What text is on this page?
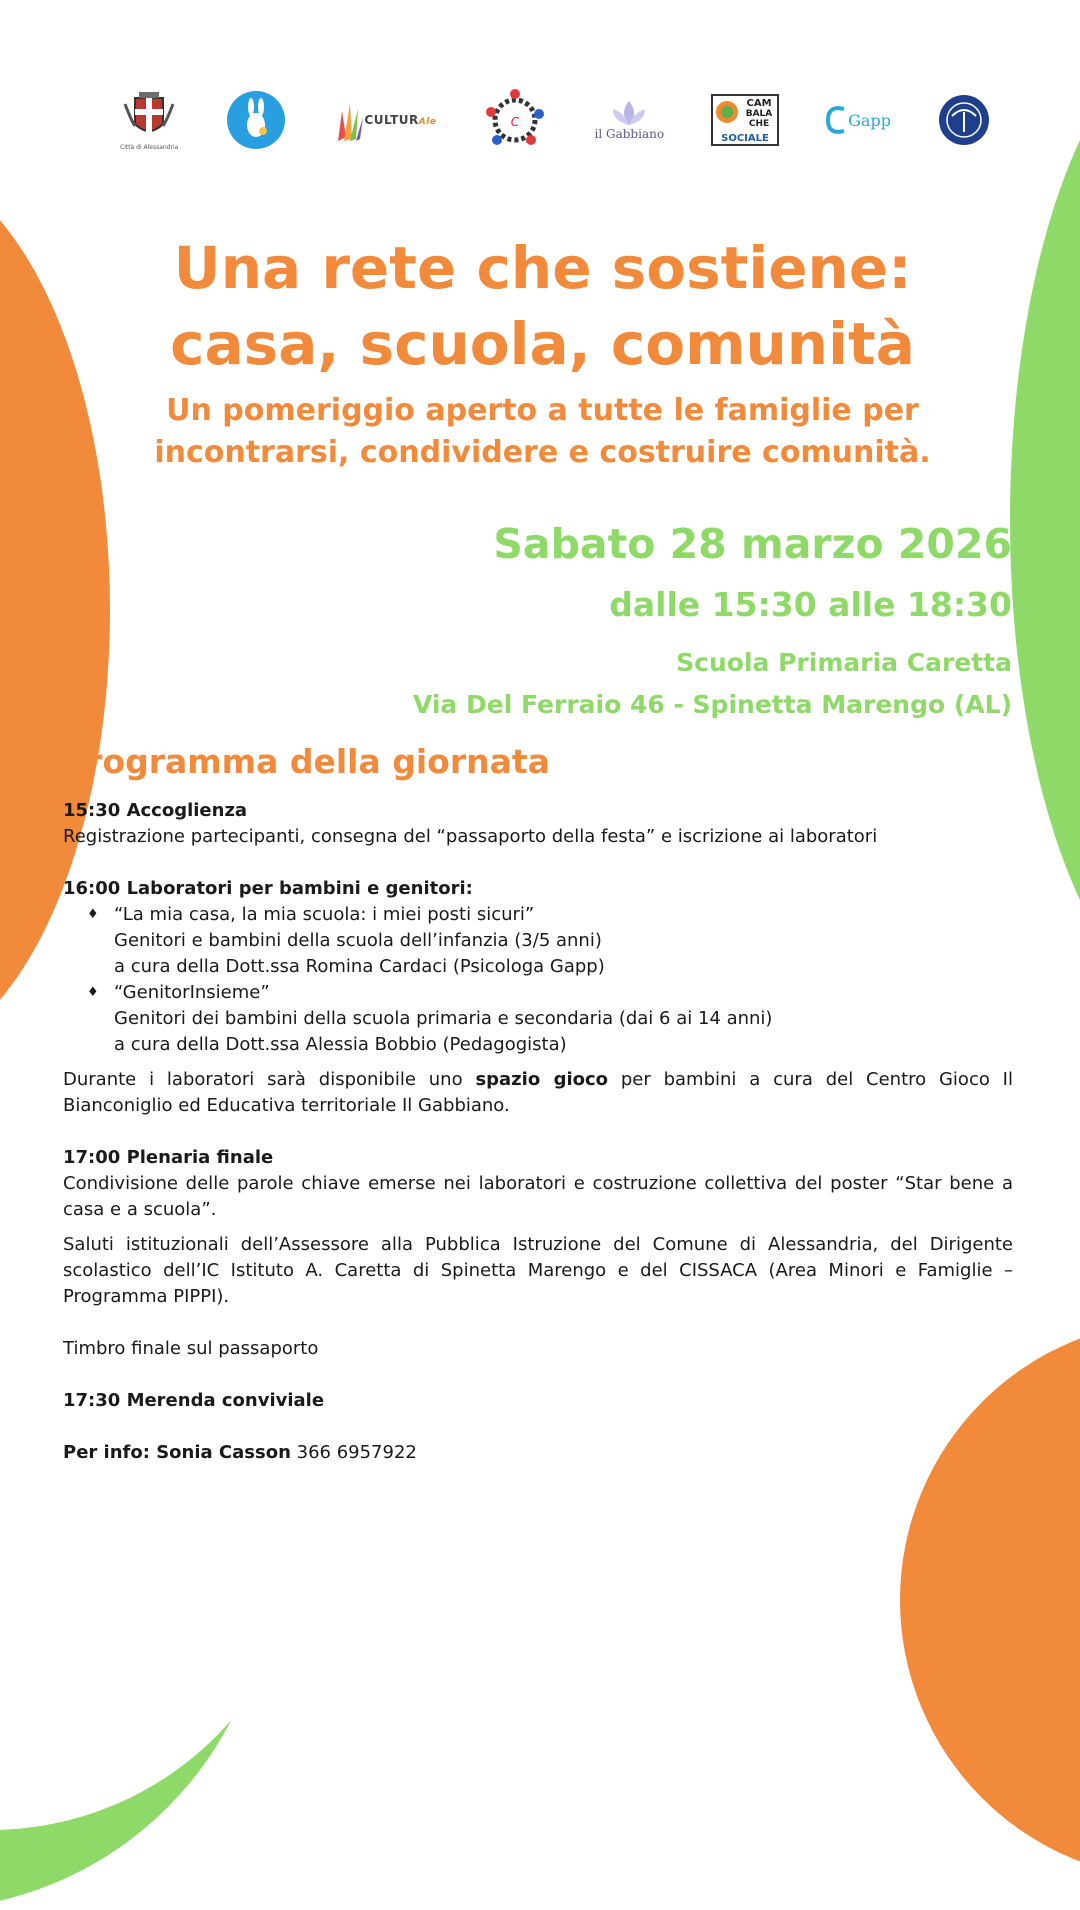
Città di Alessandria
CULTURAle	C
il Gabbiano
CAM
BALA
CHE
SOCIALE
Gapp
Una rete che sostiene:
casa, scuola, comunità
Un pomeriggio aperto a tutte le famiglie per
incontrarsi, condividere e costruire comunità.
Sabato 28 marzo 2026
dalle 15:30 alle 18:30
Scuola Primaria Caretta
Via Del Ferraio 46 - Spinetta Marengo (AL)
Programma della giornata

15:30 Accoglienza

Registrazione partecipanti, consegna del “passaporto della festa” e iscrizione ai laboratori

16:00 Laboratori per bambini e genitori:

♦ “La mia casa, la mia scuola: i miei posti sicuri”
Genitori e bambini della scuola dell’infanzia (3/5 anni)
a cura della Dott.ssa Romina Cardaci (Psicologa Gapp)
♦ “GenitorInsieme”
Genitori dei bambini della scuola primaria e secondaria (dai 6 ai 14 anni)
a cura della Dott.ssa Alessia Bobbio (Pedagogista)

Durante i laboratori sarà disponibile uno spazio gioco per bambini a cura del Centro Gioco Il Bianconiglio ed Educativa territoriale Il Gabbiano.

17:00 Plenaria finale

Condivisione delle parole chiave emerse nei laboratori e costruzione collettiva del poster “Star bene a casa e a scuola”.

Saluti istituzionali dell’Assessore alla Pubblica Istruzione del Comune di Alessandria, del Dirigente scolastico dell’IC Istituto A. Caretta di Spinetta Marengo e del CISSACA (Area Minori e Famiglie – Programma PIPPI).

Timbro finale sul passaporto

17:30 Merenda conviviale

Per info: Sonia Casson 366 6957922
